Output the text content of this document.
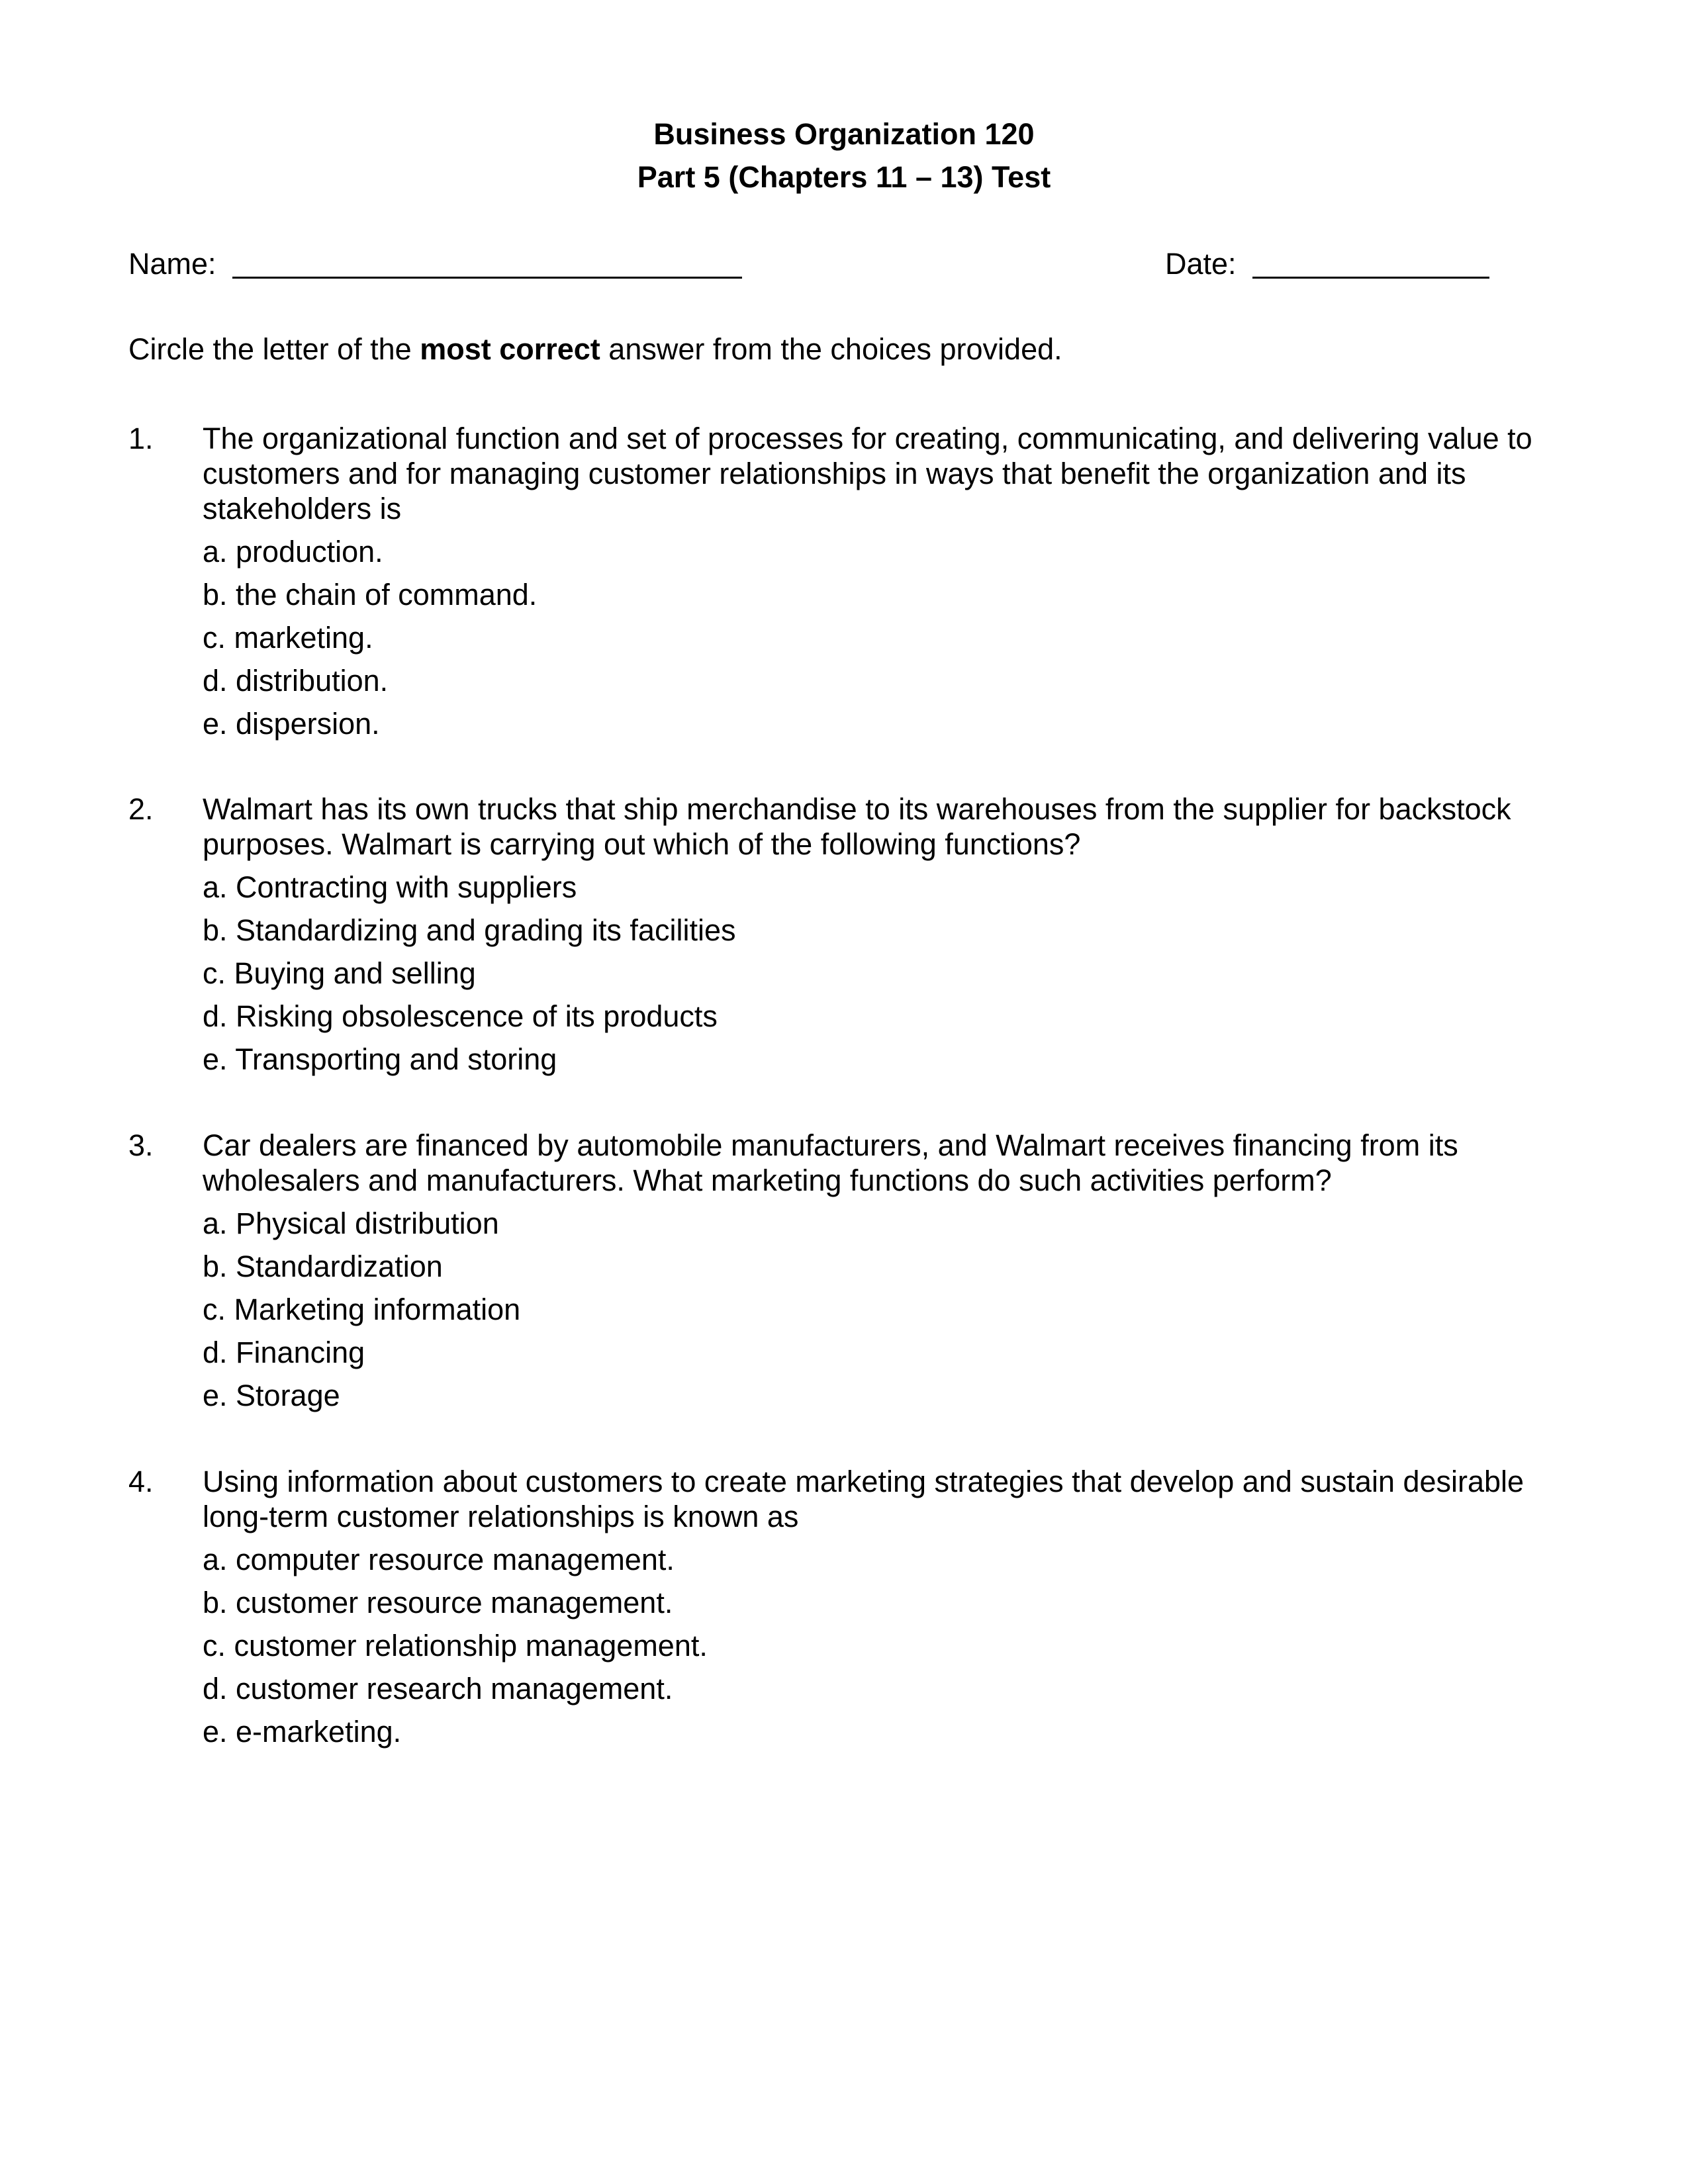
Business Organization 120
Part 5 (Chapters 11 – 13) Test
Name:	Date:
Circle the letter of the most correct answer from the choices provided.
1. The organizational function and set of processes for creating, communicating, and delivering value to customers and for managing customer relationships in ways that benefit the organization and its stakeholders is

a. production.
b. the chain of command.
c. marketing.
d. distribution.
e. dispersion.
2. Walmart has its own trucks that ship merchandise to its warehouses from the supplier for backstock purposes. Walmart is carrying out which of the following functions?

a. Contracting with suppliers
b. Standardizing and grading its facilities
c. Buying and selling
d. Risking obsolescence of its products
e. Transporting and storing
3. Car dealers are financed by automobile manufacturers, and Walmart receives financing from its wholesalers and manufacturers. What marketing functions do such activities perform?

a. Physical distribution
b. Standardization
c. Marketing information
d. Financing
e. Storage
4. Using information about customers to create marketing strategies that develop and sustain desirable long-term customer relationships is known as

a. computer resource management.
b. customer resource management.
c. customer relationship management.
d. customer research management.
e. e-marketing.
